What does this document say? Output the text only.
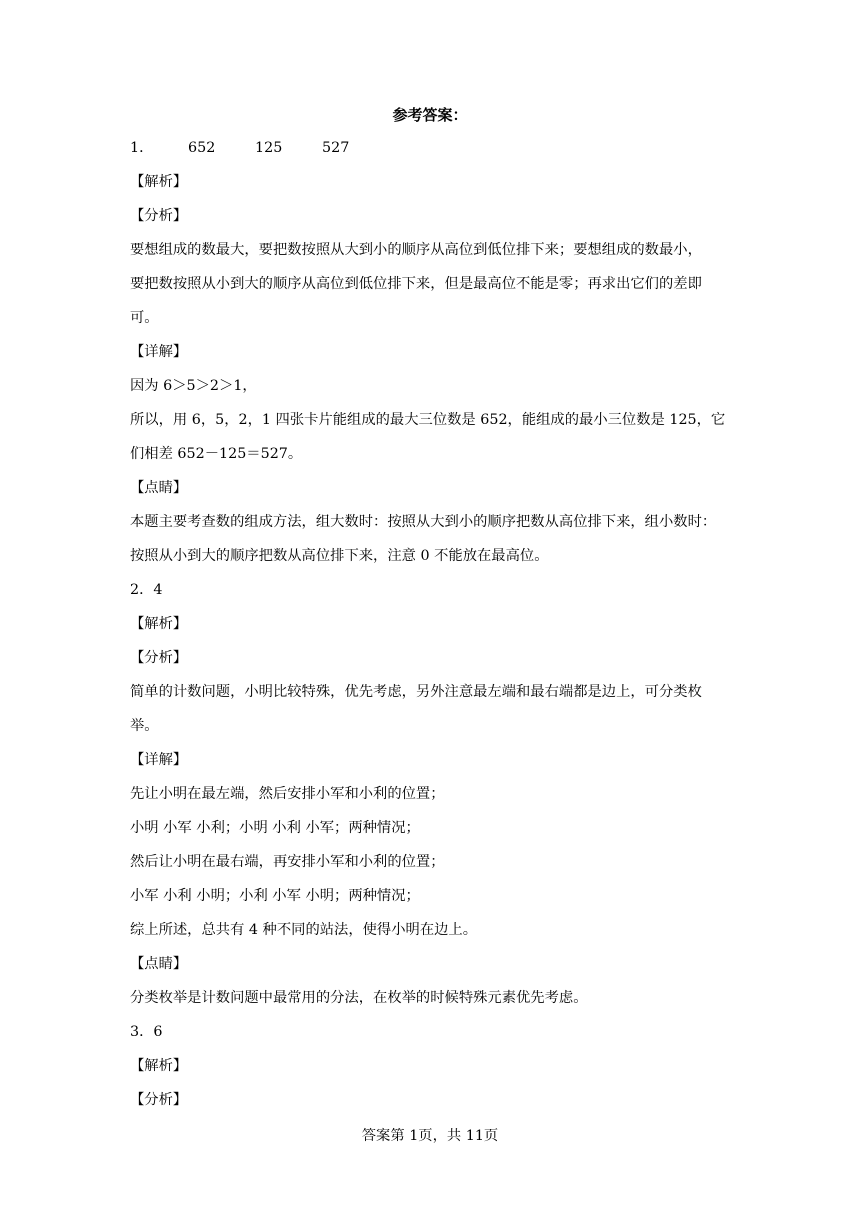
参考答案：
1． 652	125	527
【解析】
【分析】
要想组成的数最大，要把数按照从大到小的顺序从高位到低位排下来；要想组成的数最小，
要把数按照从小到大的顺序从高位到低位排下来，但是最高位不能是零；再求出它们的差即
可。
【详解】
因为 6＞5＞2＞1，
所以，用 6，5，2，1 四张卡片能组成的最大三位数是 652，能组成的最小三位数是 125，它
们相差 652－125＝527。
【点睛】
本题主要考查数的组成方法，组大数时：按照从大到小的顺序把数从高位排下来，组小数时：
按照从小到大的顺序把数从高位排下来，注意 0 不能放在最高位。
2．4
【解析】
【分析】
简单的计数问题，小明比较特殊，优先考虑，另外注意最左端和最右端都是边上，可分类枚
举。
【详解】
先让小明在最左端，然后安排小军和小利的位置；
小明 小军 小利；小明 小利 小军；两种情况；
然后让小明在最右端，再安排小军和小利的位置；
小军 小利 小明；小利 小军 小明；两种情况；
综上所述，总共有 4 种不同的站法，使得小明在边上。
【点睛】
分类枚举是计数问题中最常用的分法，在枚举的时候特殊元素优先考虑。
3．6
【解析】
【分析】
答案第 1页，共 11页
